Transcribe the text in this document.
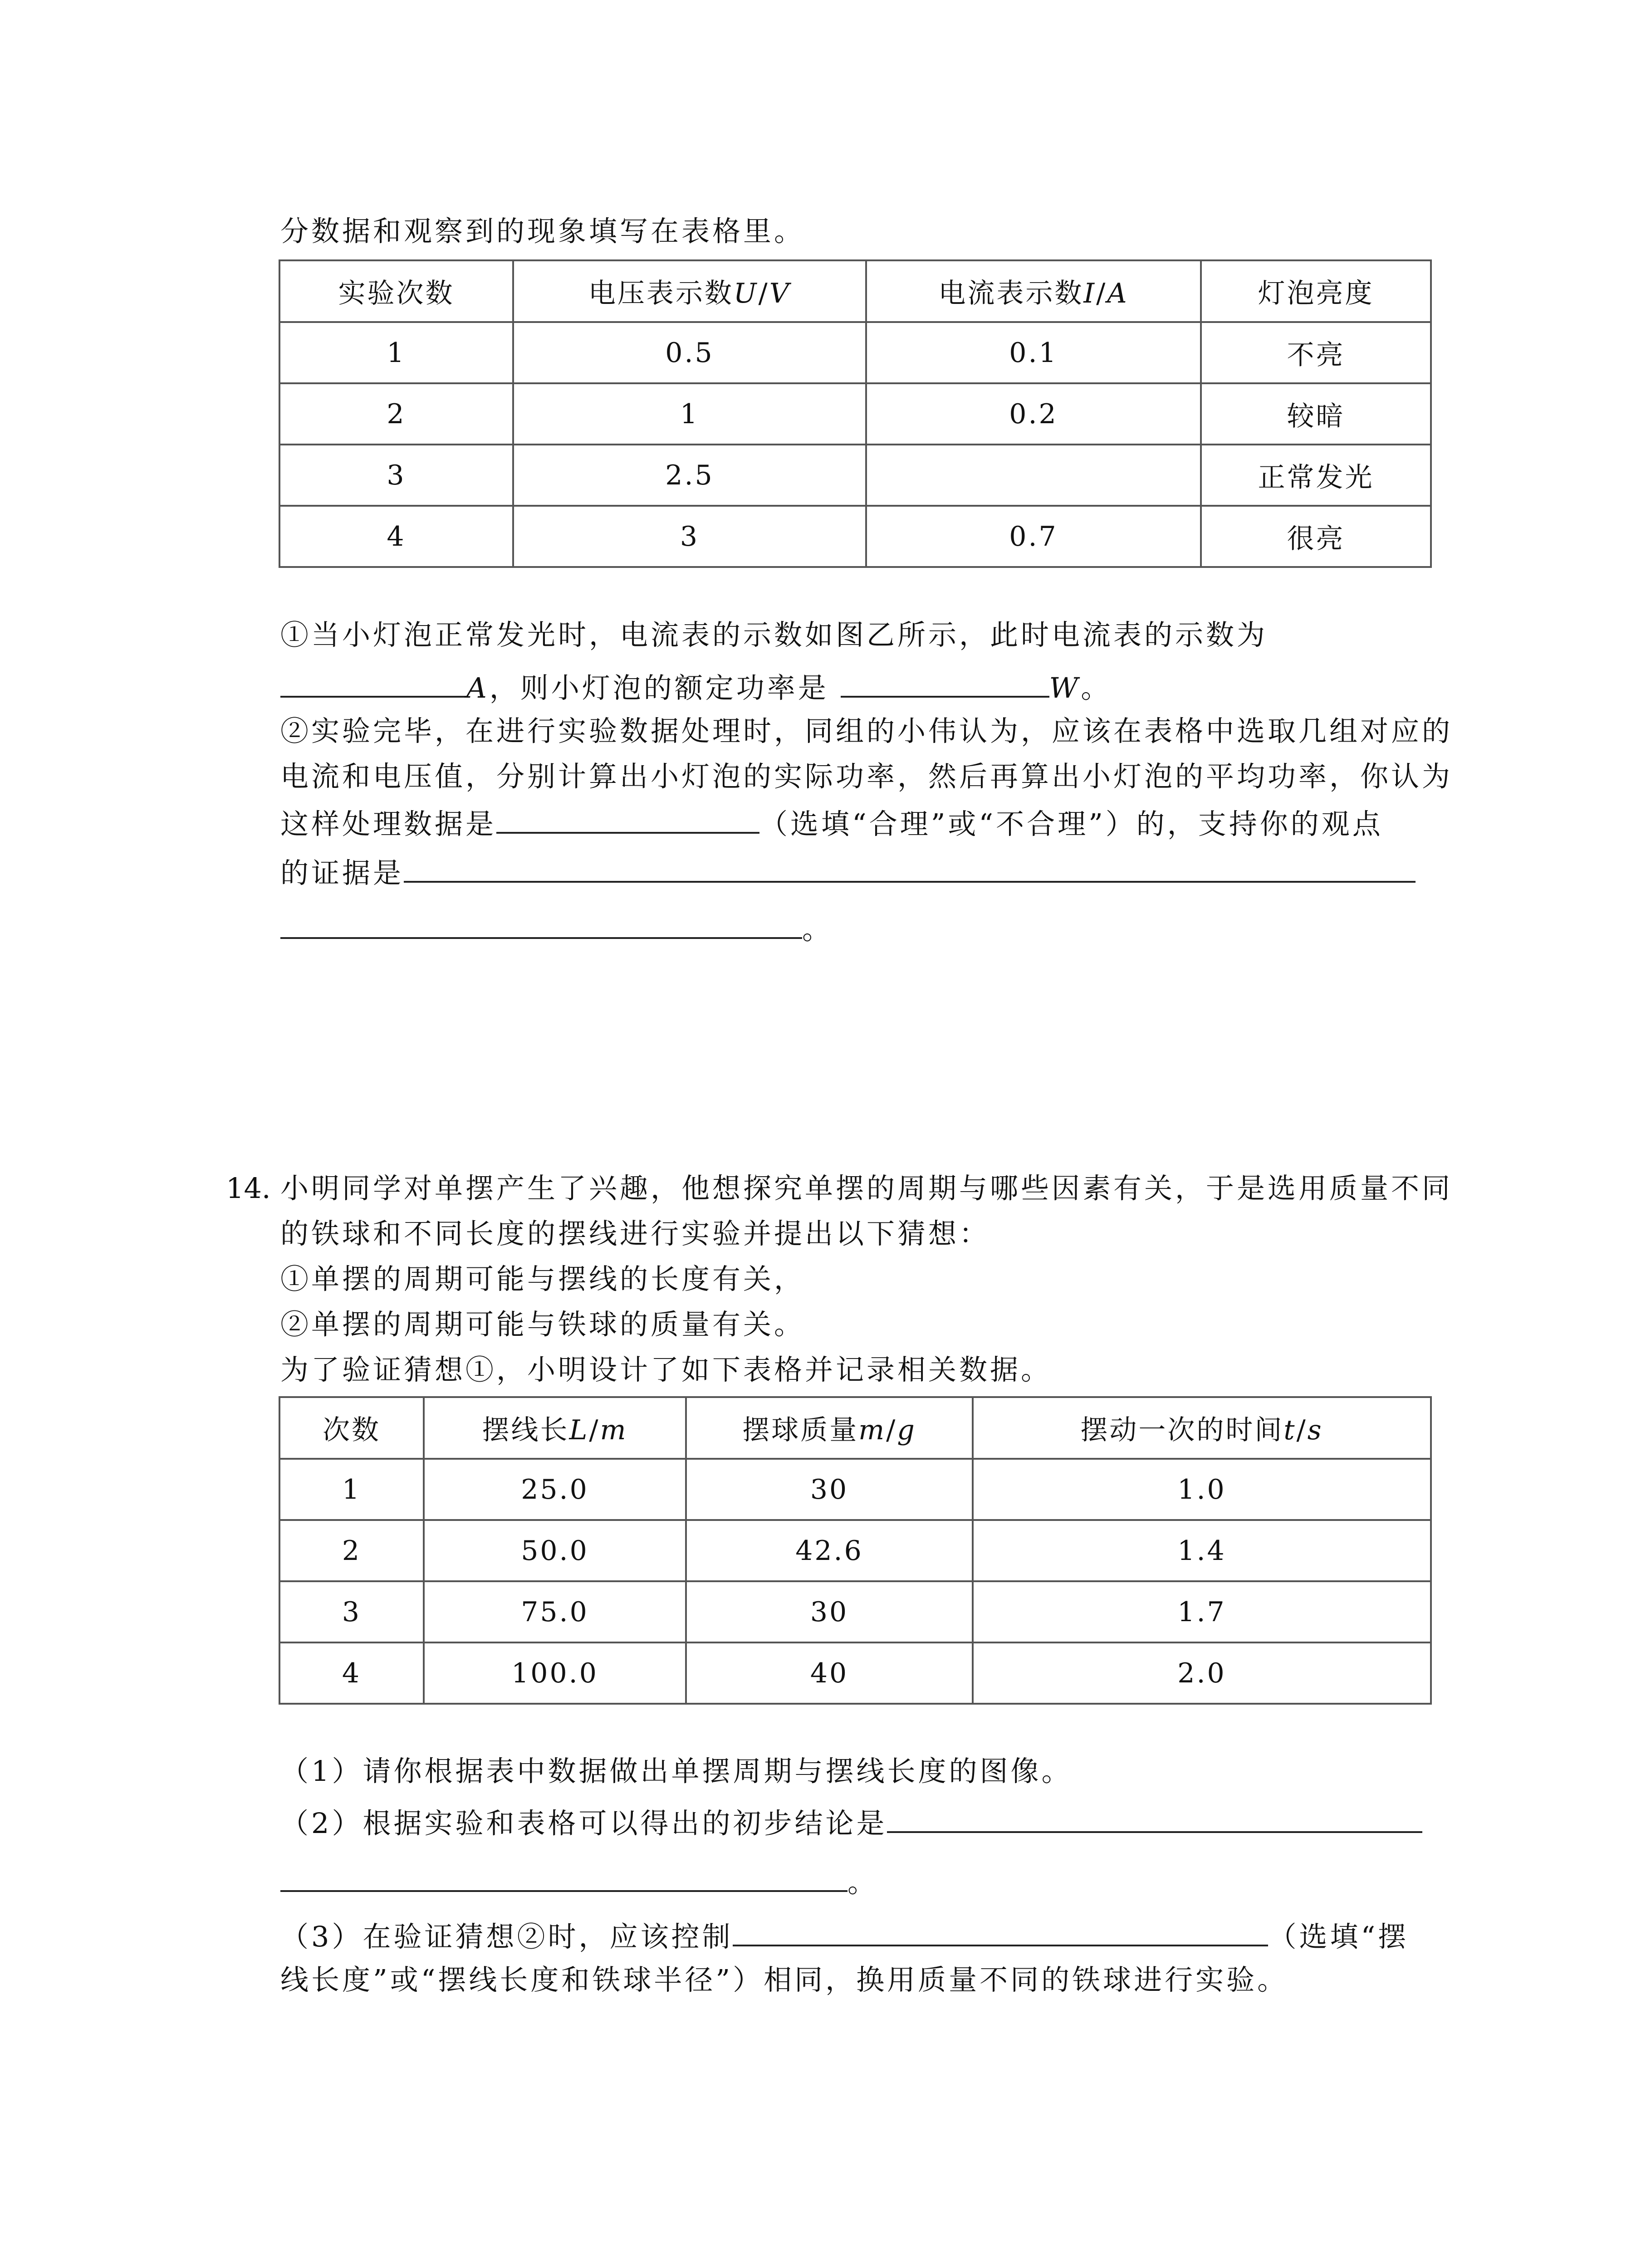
分数据和观察到的现象填写在表格里。
实验次数	电压表示数U/V	电流表示数I/A	灯泡亮度
1	0.5	0.1	不亮
2	1	0.2	较暗
3	2.5		正常发光
4	3	0.7	很亮
①当小灯泡正常发光时，电流表的示数如图乙所示，此时电流表的示数为
A，则小灯泡的额定功率是	W。
②实验完毕，在进行实验数据处理时，同组的小伟认为，应该在表格中选取几组对应的
电流和电压值，分别计算出小灯泡的实际功率，然后再算出小灯泡的平均功率，你认为
这样处理数据是	（选填“合理”或“不合理”）的，支持你的观点
的证据是
。
14. 小明同学对单摆产生了兴趣，他想探究单摆的周期与哪些因素有关，于是选用质量不同
的铁球和不同长度的摆线进行实验并提出以下猜想：
①单摆的周期可能与摆线的长度有关，
②单摆的周期可能与铁球的质量有关。
为了验证猜想①，小明设计了如下表格并记录相关数据。
次数	摆线长L/m	摆球质量m/g	摆动一次的时间t/s
1	25.0	30	1.0
2	50.0	42.6	1.4
3	75.0	30	1.7
4	100.0	40	2.0
（1）请你根据表中数据做出单摆周期与摆线长度的图像。
（2）根据实验和表格可以得出的初步结论是
。
（3）在验证猜想②时，应该控制	（选填“摆
线长度”或“摆线长度和铁球半径”）相同，换用质量不同的铁球进行实验。
